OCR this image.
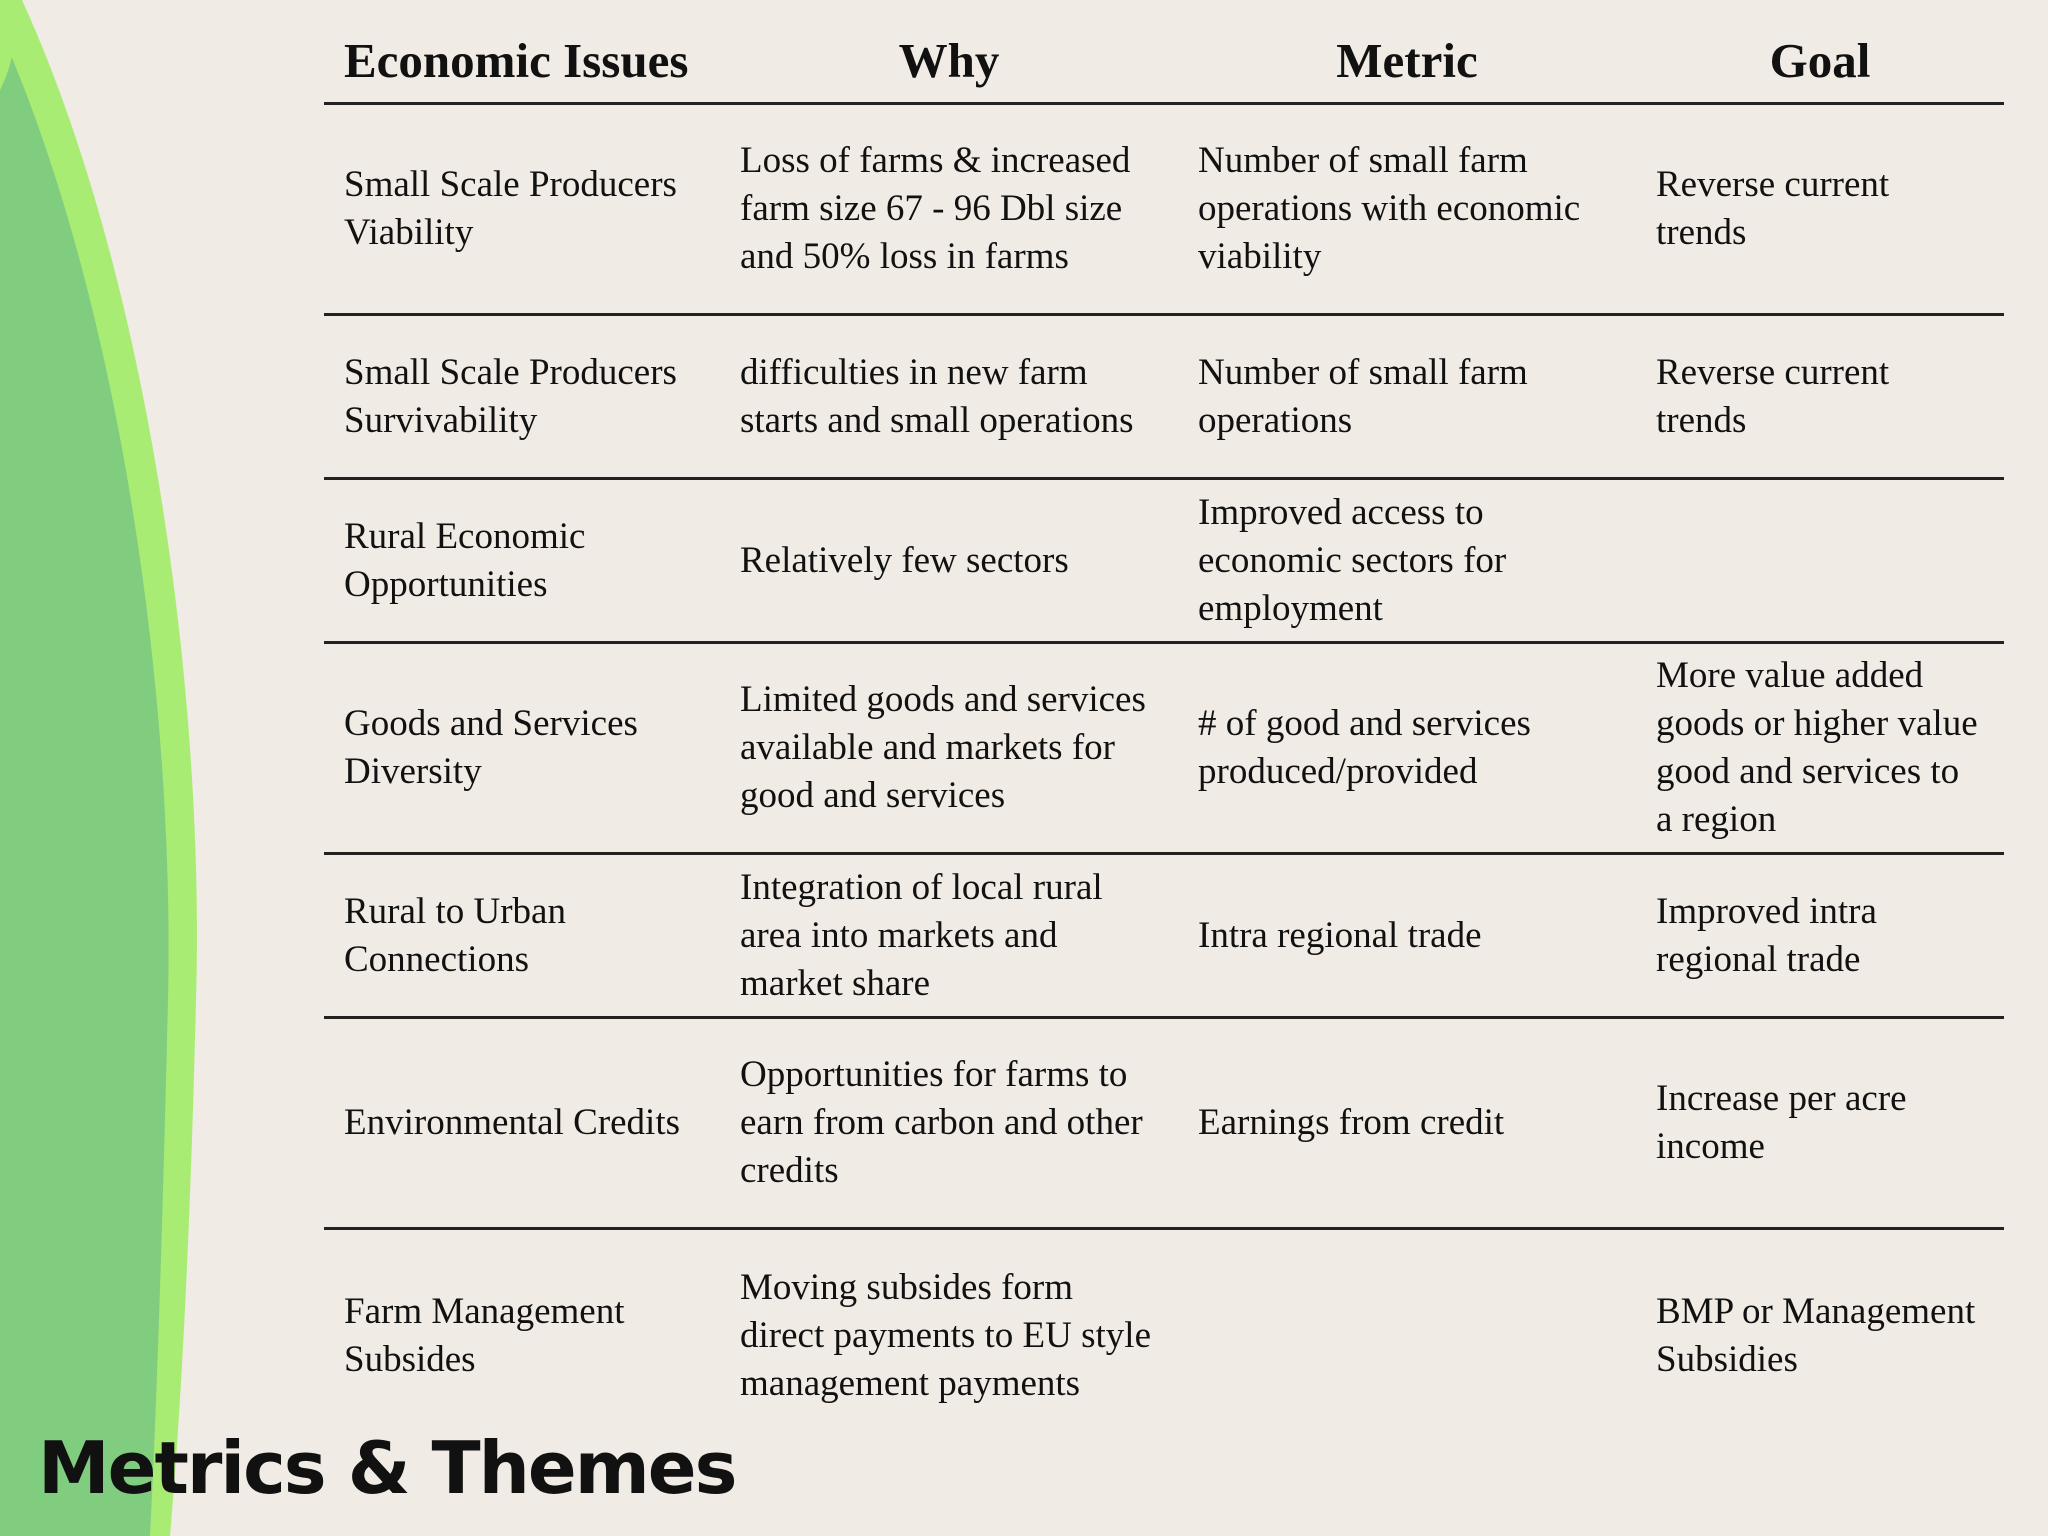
Economic Issues	Why	Metric	Goal
Small Scale Producers Viability	Loss of farms & increased farm size 67 - 96 Dbl size and 50% loss in farms	Number of small farm operations with economic viability	Reverse current trends
Small Scale Producers Survivability	difficulties in new farm starts and small operations	Number of small farm operations	Reverse current trends
Rural Economic Opportunities	Relatively few sectors	Improved access to economic sectors for employment	
Goods and Services Diversity	Limited goods and services available and markets for good and services	# of good and services produced/provided	More value added goods or higher value good and services to a region
Rural to Urban Connections	Integration of local rural area into markets and market share	Intra regional trade	Improved intra regional trade
Environmental Credits	Opportunities for farms to earn from carbon and other credits	Earnings from credit	Increase per acre income
Farm Management Subsides	Moving subsides form direct payments to EU style management payments		BMP or Management Subsidies
Metrics & Themes
